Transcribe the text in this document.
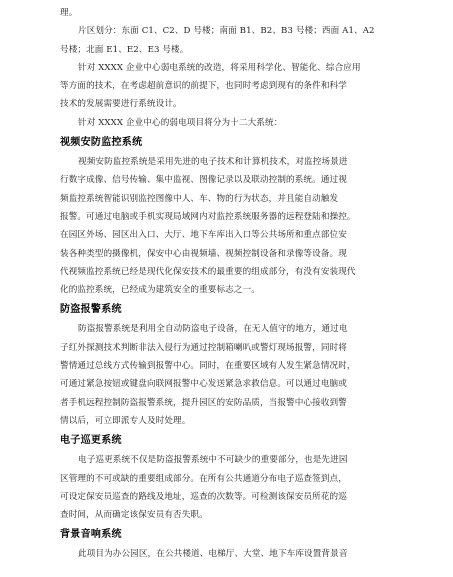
理。
片区划分：东面 C1、C2、D 号楼；南面 B1、B2、B3 号楼；西面 A1、A2
号楼；北面 E1、E2、E3 号楼。
针对 XXXX 企业中心弱电系统的改造，将采用科学化、智能化、综合应用
等方面的技术，在考虑超前意识的前提下，也同时考虑到现有的条件和科学
技术的发展需要进行系统设计。
针对 XXXX 企业中心的弱电项目将分为十二大系统：
视频安防监控系统
视频安防监控系统是采用先进的电子技术和计算机技术，对监控场景进
行数字成像、信号传输、集中监视、图像记录以及联动控制的系统。通过视
频监控系统智能识别监控图像中人、车、物的行为状态，并且能自动触发
报警。可通过电脑或手机实现局域网内对监控系统服务器的远程登陆和操控。
在园区外场、园区出入口、大厅、地下车库出入口等公共场所和重点部位安
装各种类型的摄像机，保安中心由视频墙、视频控制设备和录像等设备。现
代视频监控系统已经是现代化保安技术的最重要的组成部分，有没有安装现代
化的监控系统，已经成为建筑安全的重要标志之一。
防盗报警系统
防盗报警系统是利用全自动防盗电子设备，在无人值守的地方，通过电
子红外探测技术判断非法入侵行为通过控制箱喇叭或警灯现场报警，同时将
警情通过总线方式传输到报警中心。同时，在重要区域有人发生紧急情况时，
可通过紧急按钮或键盘向联网报警中心发送紧急求救信息。可以通过电脑或
者手机远程控制防盗报警系统，提升园区的安防品质，当报警中心接收到警
情以后，可立即派专人及时处理。
电子巡更系统
电子巡更系统不仅是防盗报警系统中不可缺少的重要部分，也是先进园
区管理的不可或缺的重要组成部分。在所有公共通道分布电子巡查签到点，
可设定保安员巡查的路线及地址，巡查的次数等。可检测该保安员所花的巡
查时间，从而确定该保安员有否失职。
背景音响系统
此项目为办公园区，在公共楼道、电梯厅、大堂、地下车库设置背景音
